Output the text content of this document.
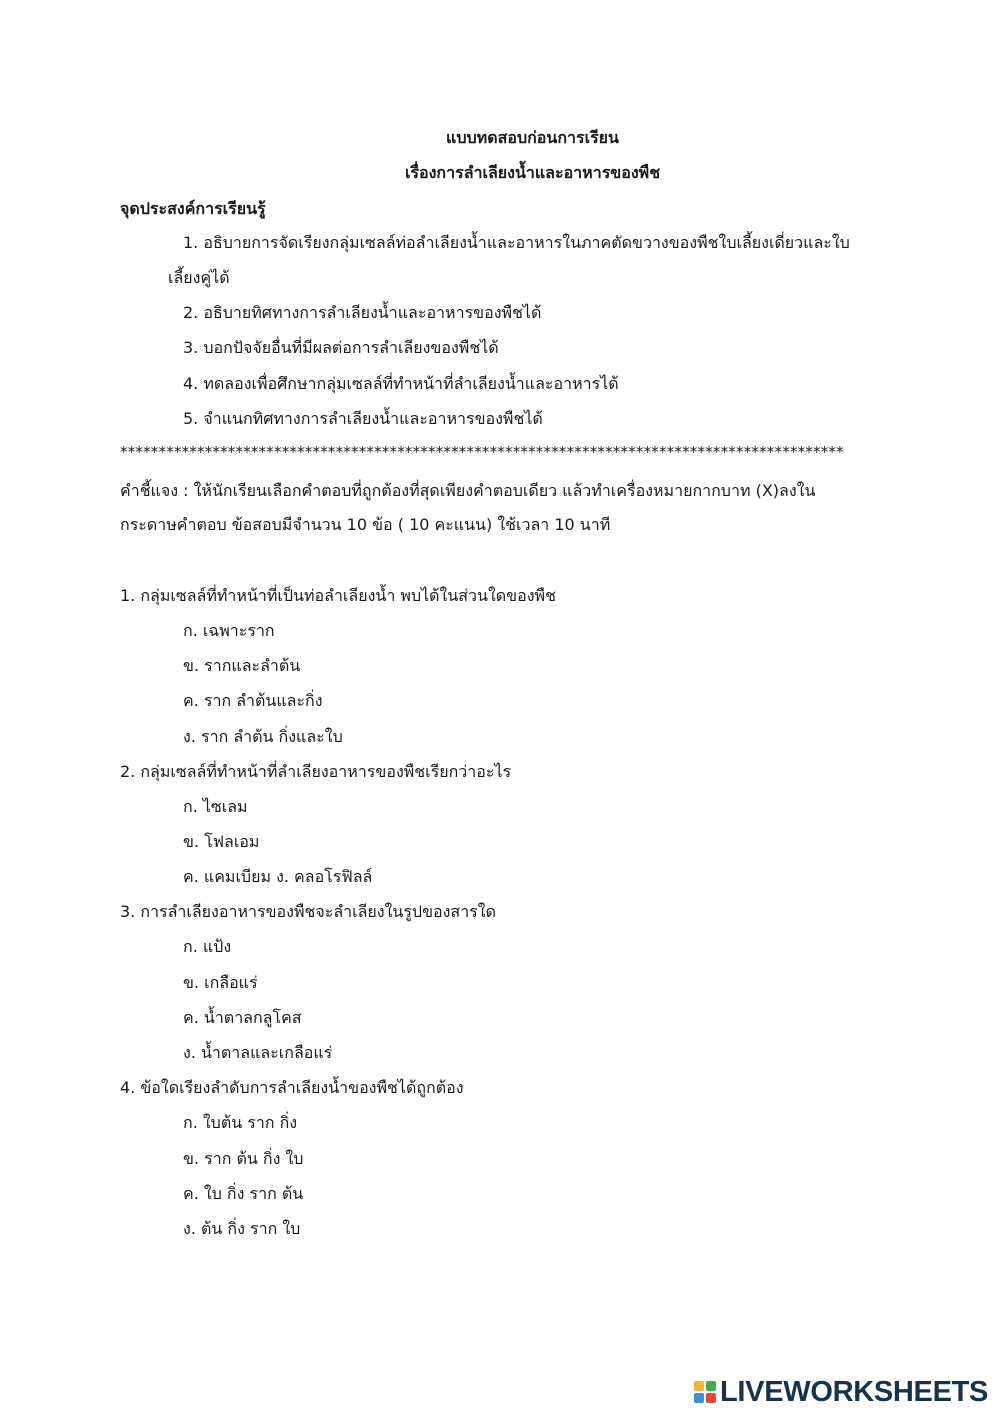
แบบทดสอบก่อนการเรียน
เรื่องการลำเลียงน้ำและอาหารของพืช
จุดประสงค์การเรียนรู้
1. อธิบายการจัดเรียงกลุ่มเซลล์ท่อลำเลียงน้ำและอาหารในภาคตัดขวางของพืชใบเลี้ยงเดี่ยวและใบ
เลี้ยงคู่ได้
2. อธิบายทิศทางการลำเลียงน้ำและอาหารของพืชได้
3. บอกปัจจัยอื่นที่มีผลต่อการลำเลียงของพืชได้
4. ทดลองเพื่อศึกษากลุ่มเซลล์ที่ทำหน้าที่ลำเลียงน้ำและอาหารได้
5. จำแนกทิศทางการลำเลียงน้ำและอาหารของพืชได้
**********************************************************************************************
คำชี้แจง : ให้นักเรียนเลือกคำตอบที่ถูกต้องที่สุดเพียงคำตอบเดียว แล้วทำเครื่องหมายกากบาท (X)ลงใน
กระดาษคำตอบ ข้อสอบมีจำนวน 10 ข้อ ( 10 คะแนน) ใช้เวลา 10 นาที
1. กลุ่มเซลล์ที่ทำหน้าที่เป็นท่อลำเลียงน้ำ พบได้ในส่วนใดของพืช
ก. เฉพาะราก
ข. รากและลำต้น
ค. ราก ลำต้นและกิ่ง
ง. ราก ลำต้น กิ่งและใบ
2. กลุ่มเซลล์ที่ทำหน้าที่ลำเลียงอาหารของพืชเรียกว่าอะไร
ก. ไซเลม
ข. โฟลเอม
ค. แคมเบียม ง. คลอโรฟิลล์
3. การลำเลียงอาหารของพืชจะลำเลียงในรูปของสารใด
ก. แป้ง
ข. เกลือแร่
ค. น้ำตาลกลูโคส
ง. น้ำตาลและเกลือแร่
4. ข้อใดเรียงลำดับการลำเลียงน้ำของพืชได้ถูกต้อง
ก. ใบต้น ราก กิ่ง
ข. ราก ต้น กิ่ง ใบ
ค. ใบ กิ่ง ราก ต้น
ง. ต้น กิ่ง ราก ใบ
LIVEWORKSHEETS
